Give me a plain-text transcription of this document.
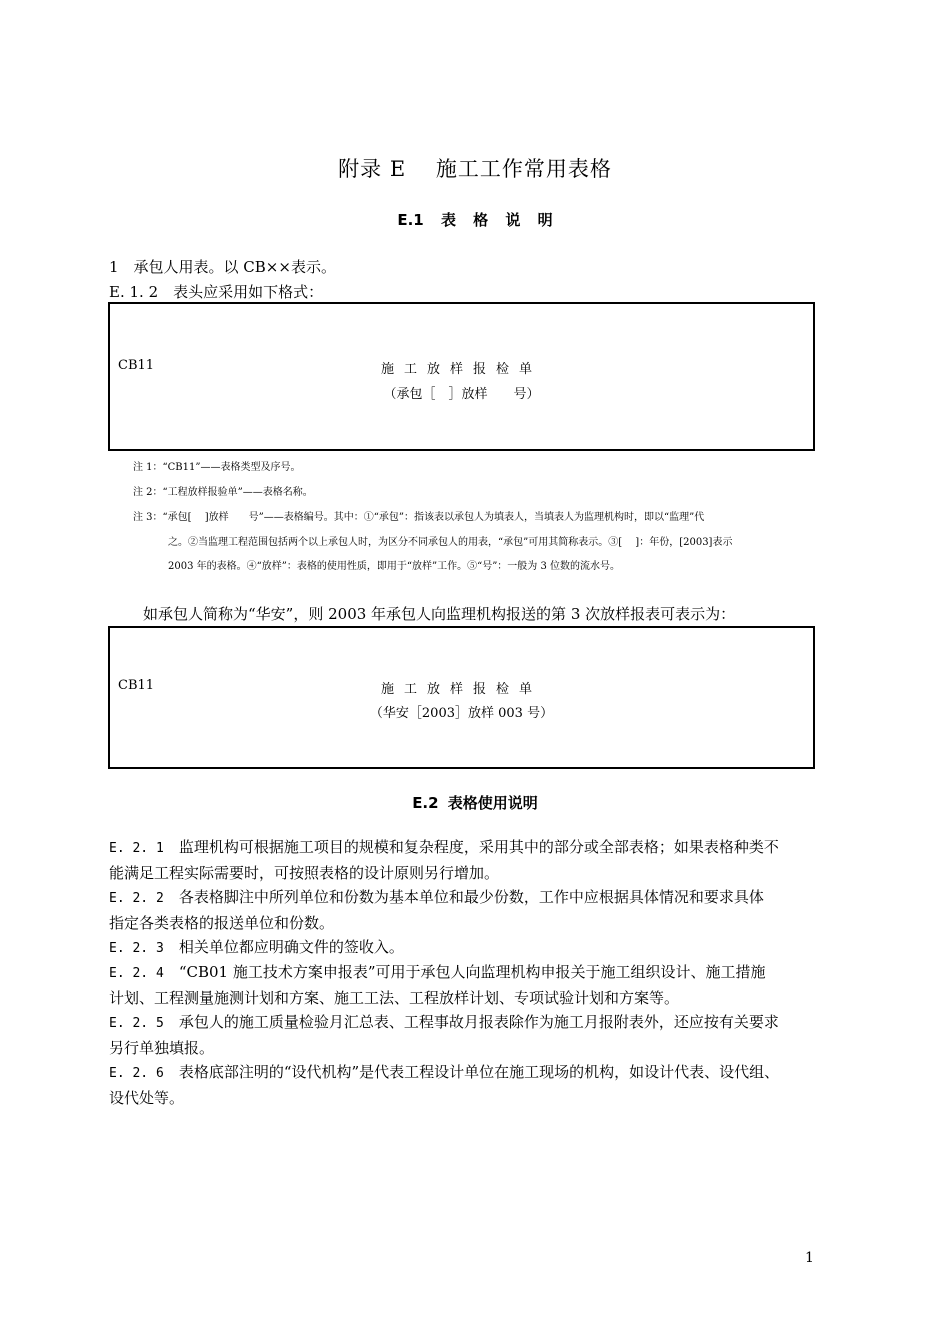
附录 E　 施工工作常用表格
E.1 表 格 说 明
1　承包人用表。以 CB××表示。
E. 1. 2　表头应采用如下格式：
CB11	施工放样报检单
（承包［　］放样　　号）
注 1：“CB11”——表格类型及序号。
注 2：“工程放样报验单”——表格名称。
注 3：“承包[　 ]放样　　号”——表格编号。其中：①“承包”：指该表以承包人为填表人，当填表人为监理机构时，即以“监理”代
之。②当监理工程范围包括两个以上承包人时，为区分不同承包人的用表，“承包”可用其简称表示。③[　 ]：年份，[2003]表示
2003 年的表格。④“放样”：表格的使用性质，即用于“放样”工作。⑤“号”：一般为 3 位数的流水号。
如承包人简称为“华安”，则 2003 年承包人向监理机构报送的第 3 次放样报表可表示为：
CB11	施工放样报检单
（华安［2003］放样 003 号）
E.2 表格使用说明
E. 2. 1　 监理机构可根据施工项目的规模和复杂程度，采用其中的部分或全部表格；如果表格种类不
能满足工程实际需要时，可按照表格的设计原则另行增加。
E. 2. 2　 各表格脚注中所列单位和份数为基本单位和最少份数，工作中应根据具体情况和要求具体
指定各类表格的报送单位和份数。
E. 2. 3　 相关单位都应明确文件的签收入。
E. 2. 4　 “CB01 施工技术方案申报表”可用于承包人向监理机构申报关于施工组织设计、施工措施
计划、工程测量施测计划和方案、施工工法、工程放样计划、专项试验计划和方案等。
E. 2. 5　 承包人的施工质量检验月汇总表、工程事故月报表除作为施工月报附表外，还应按有关要求
另行单独填报。
E. 2. 6　 表格底部注明的“设代机构”是代表工程设计单位在施工现场的机构，如设计代表、设代组、
设代处等。
1
